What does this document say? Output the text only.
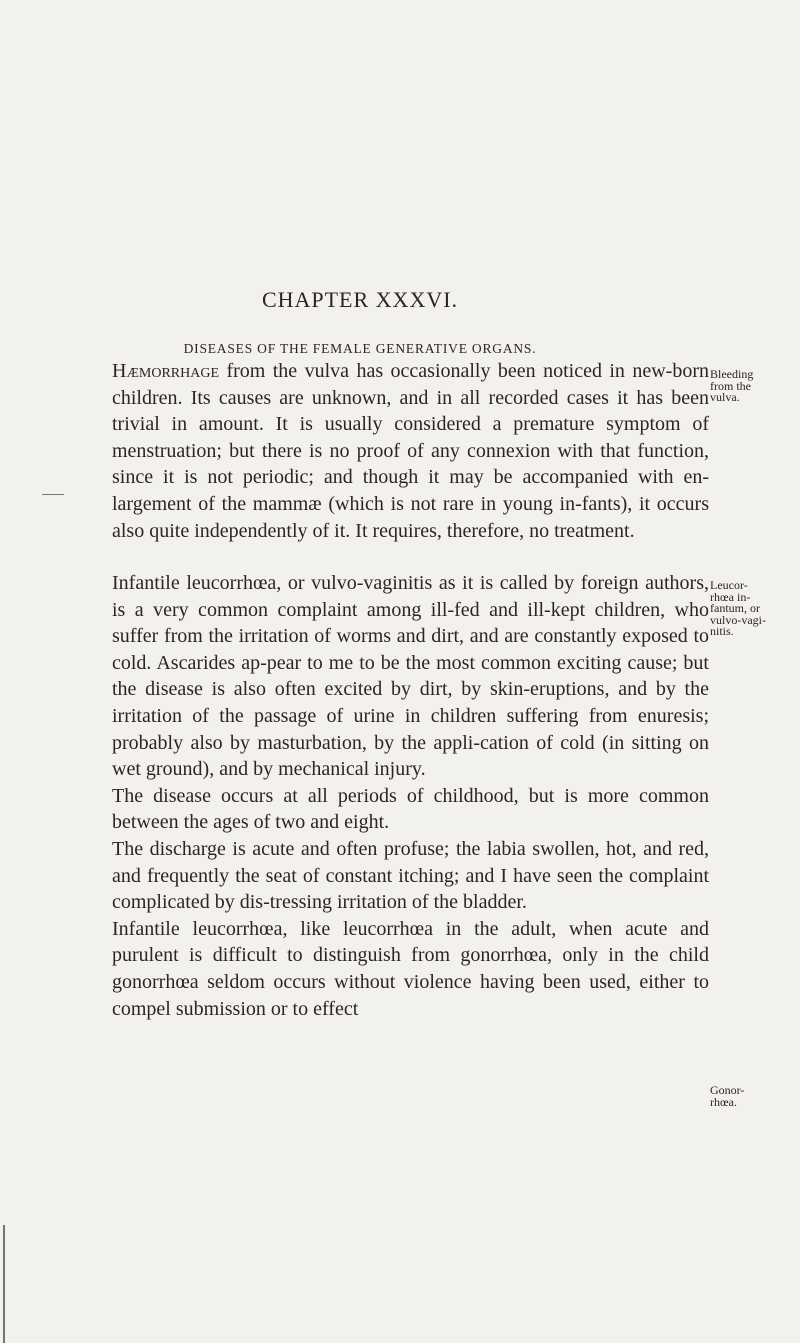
CHAPTER XXXVI.
DISEASES OF THE FEMALE GENERATIVE ORGANS.

Hæmorrhage from the vulva has occasionally been noticed in new-born children. Its causes are unknown, and in all recorded cases it has been trivial in amount. It is usually considered a premature symptom of menstruation; but there is no proof of any connexion with that function, since it is not periodic; and though it may be accompanied with en-largement of the mammæ (which is not rare in young in-fants), it occurs also quite independently of it. It requires, therefore, no treatment.

Infantile leucorrhœa, or vulvo-vaginitis as it is called by foreign authors, is a very common complaint among ill-fed and ill-kept children, who suffer from the irritation of worms and dirt, and are constantly exposed to cold. Ascarides ap-pear to me to be the most common exciting cause; but the disease is also often excited by dirt, by skin-eruptions, and by the irritation of the passage of urine in children suffering from enuresis; probably also by masturbation, by the appli-cation of cold (in sitting on wet ground), and by mechanical injury.

The disease occurs at all periods of childhood, but is more common between the ages of two and eight.

The discharge is acute and often profuse; the labia swollen, hot, and red, and frequently the seat of constant itching; and I have seen the complaint complicated by dis-tressing irritation of the bladder.

Infantile leucorrhœa, like leucorrhœa in the adult, when acute and purulent is difficult to distinguish from gonorrhœa, only in the child gonorrhœa seldom occurs without violence having been used, either to compel submission or to effect

Bleeding
from the
vulva.
Leucor-
rhœa in-
fantum, or
vulvo-vagi-
nitis.
Gonor-
rhœa.
